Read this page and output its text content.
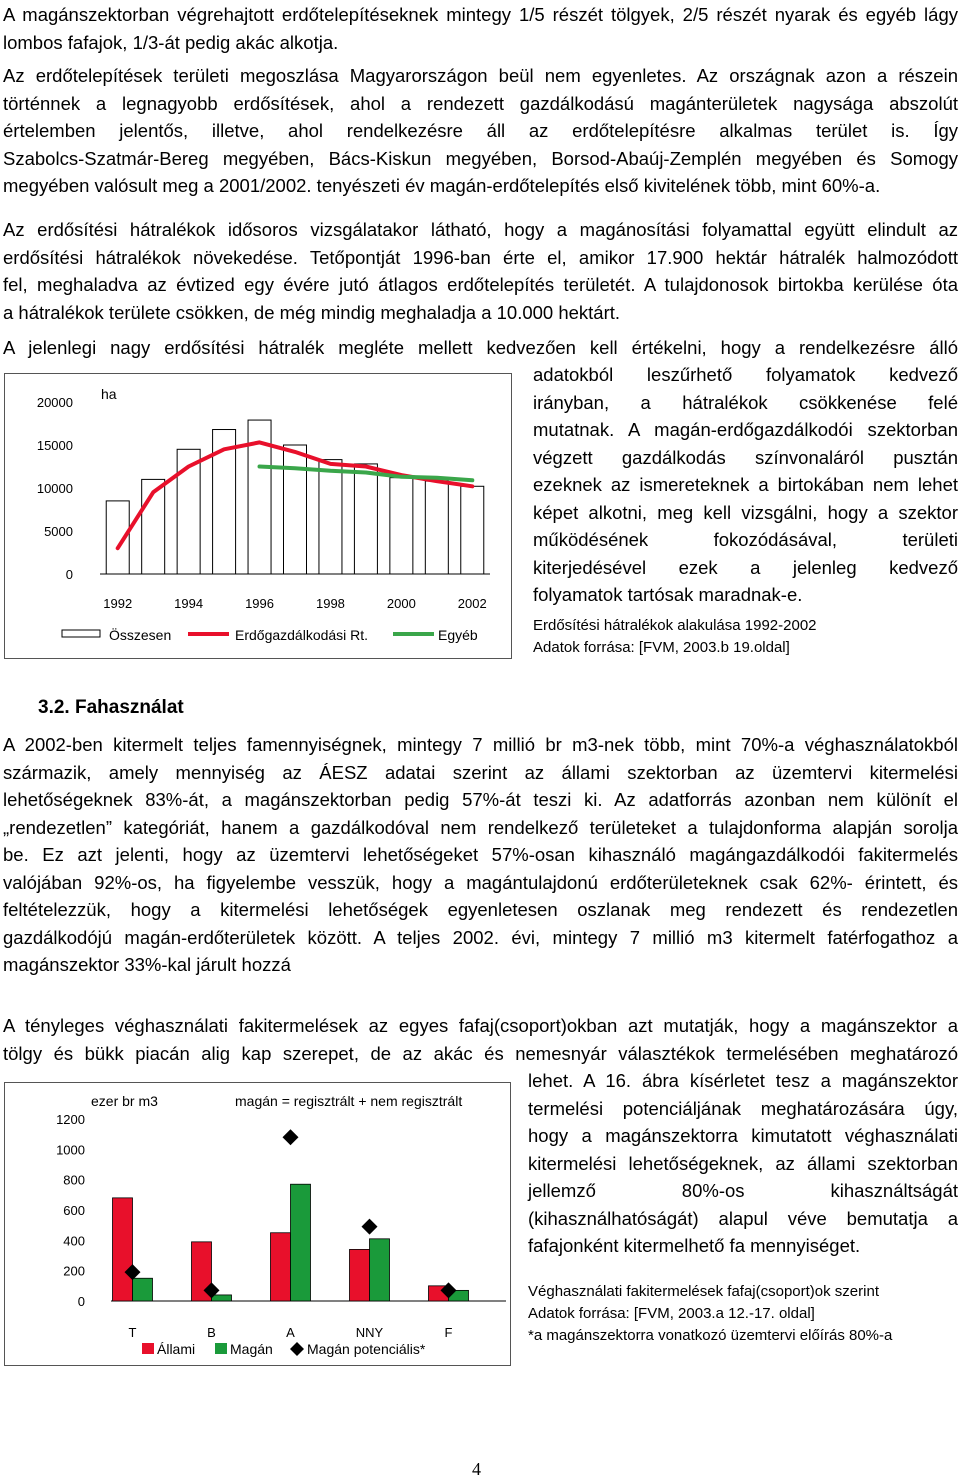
A magánszektorban végrehajtott erdőtelepítéseknek mintegy 1/5 részét tölgyek, 2/5 részét nyarak és egyéb lágy
lombos fafajok, 1/3-át pedig akác alkotja.
Az erdőtelepítések területi megoszlása Magyarországon beül nem egyenletes. Az országnak azon a részein
történnek a legnagyobb erdősítések, ahol a rendezett gazdálkodású magánterületek nagysága abszolút
értelemben jelentős, illetve, ahol rendelkezésre áll az erdőtelepítésre alkalmas terület is. Így
Szabolcs-Szatmár-Bereg megyében, Bács-Kiskun megyében, Borsod-Abaúj-Zemplén megyében és Somogy
megyében valósult meg a 2001/2002. tenyészeti év magán-erdőtelepítés első kivitelének több, mint 60%-a.
Az erdősítési hátralékok idősoros vizsgálatakor látható, hogy a magánosítási folyamattal együtt elindult az
erdősítési hátralékok növekedése. Tetőpontját 1996-ban érte el, amikor 17.900 hektár hátralék halmozódott
fel, meghaladva az évtized egy évére jutó átlagos erdőtelepítés területét. A tulajdonosok birtokba kerülése óta
a hátralékok területe csökken, de még mindig meghaladja a 10.000 hektárt.
A jelenlegi nagy erdősítési hátralék megléte mellett kedvezően kell értékelni, hogy a rendelkezésre álló
adatokból leszűrhető folyamatok kedvező
irányban, a hátralékok csökkenése felé
mutatnak. A magán-erdőgazdálkodói szektorban
végzett gazdálkodás színvonaláról pusztán
ezeknek az ismereteknek a birtokában nem lehet
képet alkotni, meg kell vizsgálni, hogy a szektor
működésének fokozódásával, területi
kiterjedésével ezek a jelenleg kedvező
folyamatok tartósak maradnak-e.
ha
20000
15000
10000
5000
0
1992	1994	1996	1998	2000	2002
Összesen	Erdőgazdálkodási Rt.	Egyéb
Erdősítési hátralékok alakulása 1992-2002
Adatok forrása: [FVM, 2003.b 19.oldal]
3.2. Fahasználat
A 2002-ben kitermelt teljes famennyiségnek, mintegy 7 millió br m3-nek több, mint 70%-a véghasználatokból
származik, amely mennyiség az ÁESZ adatai szerint az állami szektorban az üzemtervi kitermelési
lehetőségeknek 83%-át, a magánszektorban pedig 57%-át teszi ki. Az adatforrás azonban nem különít el
„rendezetlen” kategóriát, hanem a gazdálkodóval nem rendelkező területeket a tulajdonforma alapján sorolja
be. Ez azt jelenti, hogy az üzemtervi lehetőségeket 57%-osan kihasználó magángazdálkodói fakitermelés
valójában 92%-os, ha figyelembe vesszük, hogy a magántulajdonú erdőterületeknek csak 62%- érintett, és
feltételezzük, hogy a kitermelési lehetőségek egyenletesen oszlanak meg rendezett és rendezetlen
gazdálkodójú magán-erdőterületek között. A teljes 2002. évi, mintegy 7 millió m3 kitermelt fatérfogathoz a
magánszektor 33%-kal járult hozzá
A tényleges véghasználati fakitermelések az egyes fafaj(csoport)okban azt mutatják, hogy a magánszektor a
tölgy és bükk piacán alig kap szerepet, de az akác és nemesnyár választékok termelésében meghatározó
lehet. A 16. ábra kísérletet tesz a magánszektor
termelési potenciáljának meghatározására úgy,
hogy a magánszektorra kimutatott véghasználati
kitermelési lehetőségeknek, az állami szektorban
jellemző 80%-os kihasználtságát
(kihasználhatóságát) alapul véve bemutatja a
fafajonként kitermelhető fa mennyiséget.
ezer br m3	magán = regisztrált + nem regisztrált
1200
1000
800
600
400
200
0
T	B	A	NNY	F
Állami Magán Magán potenciális*
Véghasználati fakitermelések fafaj(csoport)ok szerint
Adatok forrása: [FVM, 2003.a 12.-17. oldal]
*a magánszektorra vonatkozó üzemtervi előírás 80%-a
4
